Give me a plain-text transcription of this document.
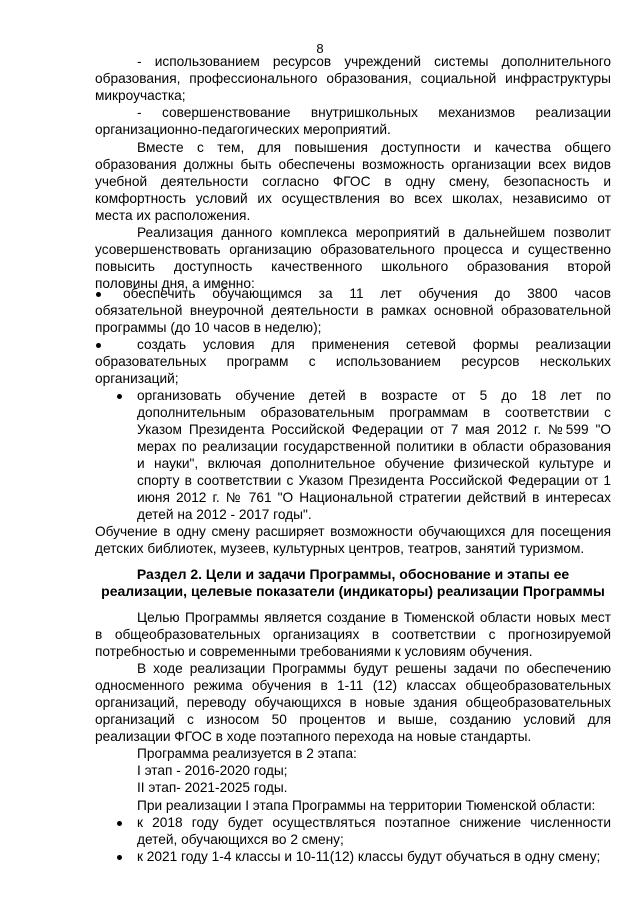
8
- использованием ресурсов учреждений системы дополнительного
образования, профессионального образования, социальной инфраструктуры
микроучастка;
- совершенствование внутришкольных механизмов реализации
организационно-педагогических мероприятий.
Вместе с тем, для повышения доступности и качества общего
образования должны быть обеспечены возможность организации всех видов
учебной деятельности согласно ФГОС в одну смену, безопасность и
комфортность условий их осуществления во всех школах, независимо от
места их расположения.
Реализация данного комплекса мероприятий в дальнейшем позволит
усовершенствовать организацию образовательного процесса и существенно
повысить доступность качественного школьного образования второй
половины дня, а именно:
обеспечить обучающимся за 11 лет обучения до 3800 часов
обязательной внеурочной деятельности в рамках основной образовательной
программы (до 10 часов в неделю);
создать условия для применения сетевой формы реализации
образовательных программ с использованием ресурсов нескольких
организаций;
организовать обучение детей в возрасте от 5 до 18 лет по
дополнительным образовательным программам в соответствии с
Указом Президента Российской Федерации от 7 мая 2012 г. №599 "О
мерах по реализации государственной политики в области образования
и науки", включая дополнительное обучение физической культуре и
спорту в соответствии с Указом Президента Российской Федерации от 1
июня 2012 г. № 761 "О Национальной стратегии действий в интересах
детей на 2012 - 2017 годы".
Обучение в одну смену расширяет возможности обучающихся для посещения
детских библиотек, музеев, культурных центров, театров, занятий туризмом.
Раздел 2. Цели и задачи Программы, обоснование и этапы ее
реализации, целевые показатели (индикаторы) реализации Программы
Целью Программы является создание в Тюменской области новых мест
в общеобразовательных организациях в соответствии с прогнозируемой
потребностью и современными требованиями к условиям обучения.
В ходе реализации Программы будут решены задачи по обеспечению
односменного режима обучения в 1-11 (12) классах общеобразовательных
организаций, переводу обучающихся в новые здания общеобразовательных
организаций с износом 50 процентов и выше, созданию условий для
реализации ФГОС в ходе поэтапного перехода на новые стандарты.
Программа реализуется в 2 этапа:
I этап - 2016-2020 годы;
II этап- 2021-2025 годы.
При реализации I этапа Программы на территории Тюменской области:
к 2018 году будет осуществляться поэтапное снижение численности
детей, обучающихся во 2 смену;
к 2021 году 1-4 классы и 10-11(12) классы будут обучаться в одну смену;
